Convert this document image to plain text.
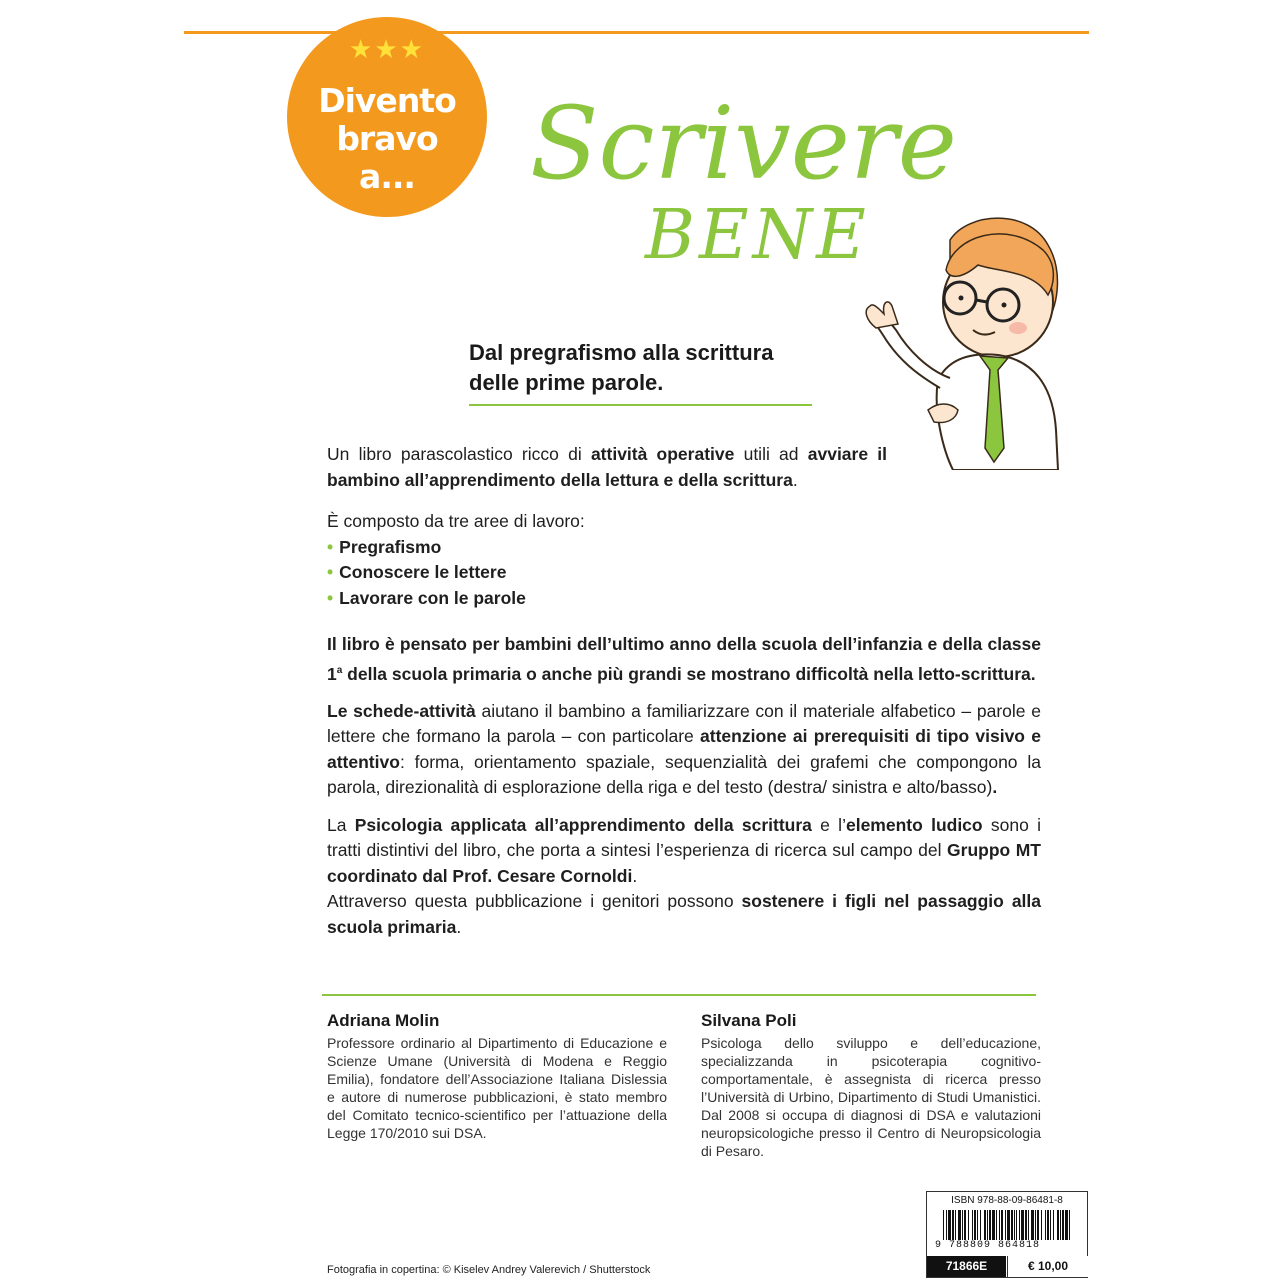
★★★
Divento
bravo
a...	Scrivere
BENE
Dal pregrafismo alla scrittura
delle prime parole.

Un libro parascolastico ricco di attività operative utili ad avviare il bambino all’apprendimento della lettura e della scrittura.

È composto da tre aree di lavoro:

• Pregrafismo
• Conoscere le lettere
• Lavorare con le parole

Il libro è pensato per bambini dell’ultimo anno della scuola dell’infanzia e della classe 1$^a$ della scuola primaria o anche più grandi se mostrano difficoltà nella letto-scrittura.

Le schede-attività aiutano il bambino a familiarizzare con il materiale alfabetico – parole e lettere che formano la parola – con particolare attenzione ai prerequisiti di tipo visivo e attentivo: forma, orientamento spaziale, sequenzialità dei grafemi che compongono la parola, direzionalità di esplorazione della riga e del testo (destra/ sinistra e alto/basso).

La Psicologia applicata all’apprendimento della scrittura e l’elemento ludico sono i tratti distintivi del libro, che porta a sintesi l’esperienza di ricerca sul campo del Gruppo MT coordinato dal Prof. Cesare Cornoldi.

Attraverso questa pubblicazione i genitori possono sostenere i figli nel passaggio alla scuola primaria.

Adriana Molin
Professore ordinario al Dipartimento di Educazione e Scienze Umane (Università di Modena e Reggio Emilia), fondatore dell’Associazione Italiana Dislessia e autore di numerose pubblicazioni, è stato membro del Comitato tecnico-scientifico per l’attuazione della Legge 170/2010 sui DSA.
Silvana Poli
Psicologa dello sviluppo e dell’educazione, specializzanda in psicoterapia cognitivo-comportamentale, è assegnista di ricerca presso l’Università di Urbino, Dipartimento di Studi Umanistici. Dal 2008 si occupa di diagnosi di DSA e valutazioni neuropsicologiche presso il Centro di Neuropsicologia di Pesaro.
Fotografia in copertina: © Kiselev Andrey Valerevich / Shutterstock
ISBN 978-88-09-86481-8
9 788809 864818
71866E	€ 10,00
